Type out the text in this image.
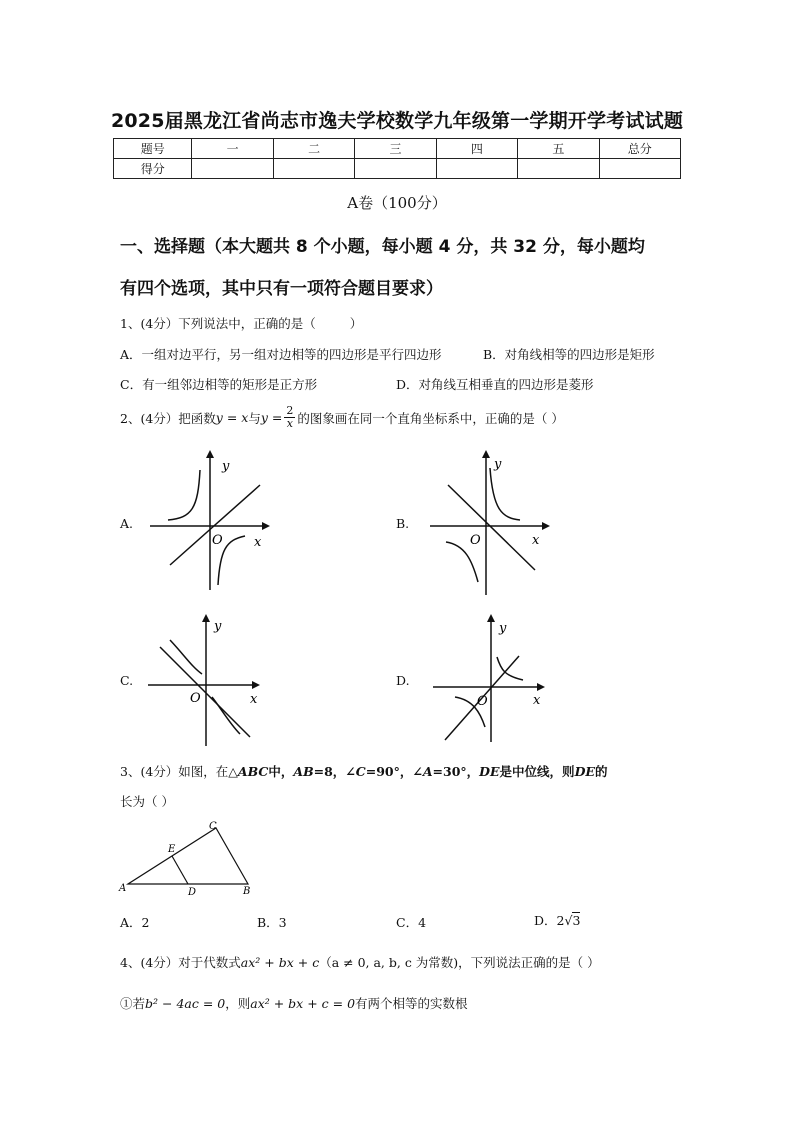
2025届黑龙江省尚志市逸夫学校数学九年级第一学期开学考试试题
题号	一	二	三	四	五	总分
得分						
A卷（100分）
一、选择题（本大题共 8 个小题，每小题 4 分，共 32 分，每小题均
有四个选项，其中只有一项符合题目要求）
1、(4分）下列说法中，正确的是（	）
A．一组对边平行，另一组对边相等的四边形是平行四边形	B．对角线相等的四边形是矩形
C．有一组邻边相等的矩形是正方形	D．对角线互相垂直的四边形是菱形
2、(4分）把函数 y = x 与 $y = \frac{2}{x}$ 的图象画在同一个直角坐标系中，正确的是（ ）
A.	B.
C.	D.
y
x
O
y
x
O
y
x
O
y
x
O
3、(4分）如图，在△ABC中，AB=8，∠C=90°，∠A=30°，DE是中位线，则DE的
长为（ ）
A	B
C
D
E
A．2	B．3	C．4	D．2√3
4、(4分）对于代数式ax² + bx + c（a ≠ 0, a, b, c 为常数)，下列说法正确的是（ ）
①若b² − 4ac = 0，则ax² + bx + c = 0有两个相等的实数根
